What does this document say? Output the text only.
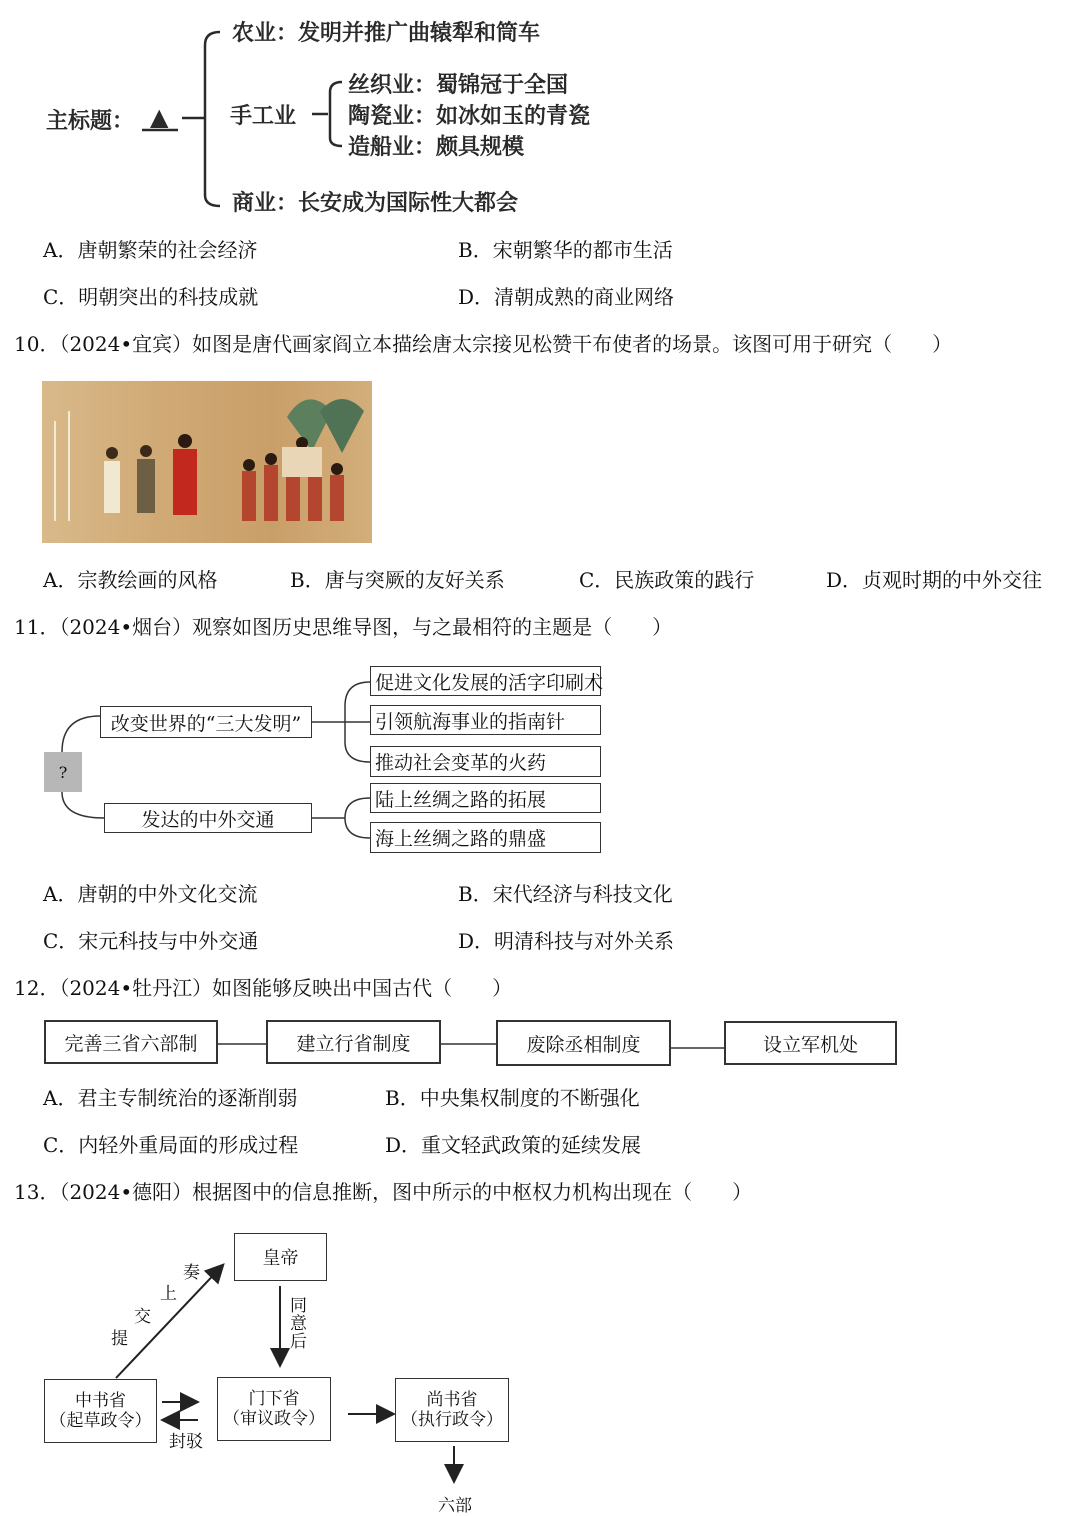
主标题： ▲
农业：发明并推广曲辕犁和筒车
手工业
丝织业：蜀锦冠于全国
陶瓷业：如冰如玉的青瓷
造船业：颇具规模
商业：长安成为国际性大都会
A．唐朝繁荣的社会经济	B．宋朝繁华的都市生活
C．明朝突出的科技成就	D．清朝成熟的商业网络
10．（2024•宜宾）如图是唐代画家阎立本描绘唐太宗接见松赞干布使者的场景。该图可用于研究（　　）
A．宗教绘画的风格	B．唐与突厥的友好关系	C．民族政策的践行	D．贞观时期的中外交往
11．（2024•烟台）观察如图历史思维导图，与之最相符的主题是（　　）
?
改变世界的“三大发明”
发达的中外交通
促进文化发展的活字印刷术
引领航海事业的指南针
推动社会变革的火药
陆上丝绸之路的拓展
海上丝绸之路的鼎盛
A．唐朝的中外文化交流	B．宋代经济与科技文化
C．宋元科技与中外交通	D．明清科技与对外关系
12．（2024•牡丹江）如图能够反映出中国古代（　　）
完善三省六部制	建立行省制度	废除丞相制度	设立军机处
A．君主专制统治的逐渐削弱	B．中央集权制度的不断强化
C．内轻外重局面的形成过程	D．重文轻武政策的延续发展
13．（2024•德阳）根据图中的信息推断，图中所示的中枢权力机构出现在（　　）
皇帝
中书省
（起草政令）
门下省
（审议政令）
尚书省
（执行政令）
提
交
上
奏
同
意
后
封驳
六部
